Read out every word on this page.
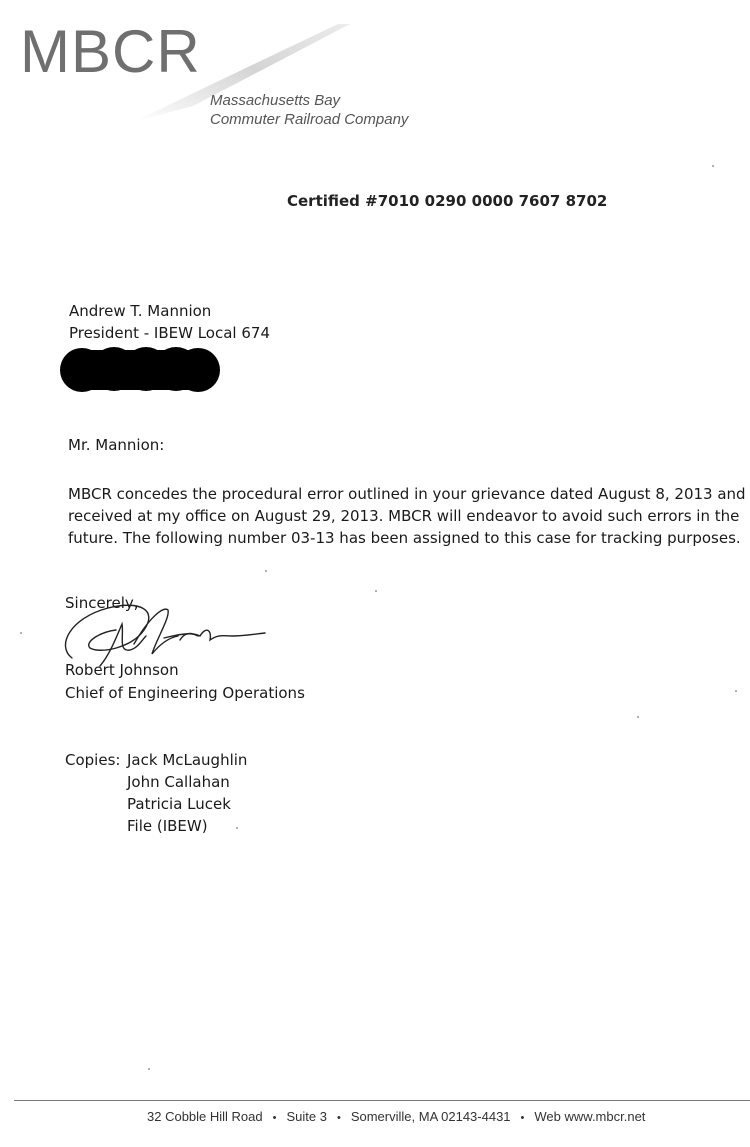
MBCR
Massachusetts Bay
Commuter Railroad Company
Certified #7010 0290 0000 7607 8702
Andrew T. Mannion
President - IBEW Local 674
Mr. Mannion:
MBCR concedes the procedural error outlined in your grievance dated August 8, 2013 and
received at my office on August 29, 2013. MBCR will endeavor to avoid such errors in the
future. The following number 03-13 has been assigned to this case for tracking purposes.
Sincerely,
Robert Johnson
Chief of Engineering Operations
Copies: Jack McLaughlin
John Callahan
Patricia Lucek
File (IBEW)
32 Cobble Hill Road • Suite 3 • Somerville, MA 02143-4431 • Web www.mbcr.net
